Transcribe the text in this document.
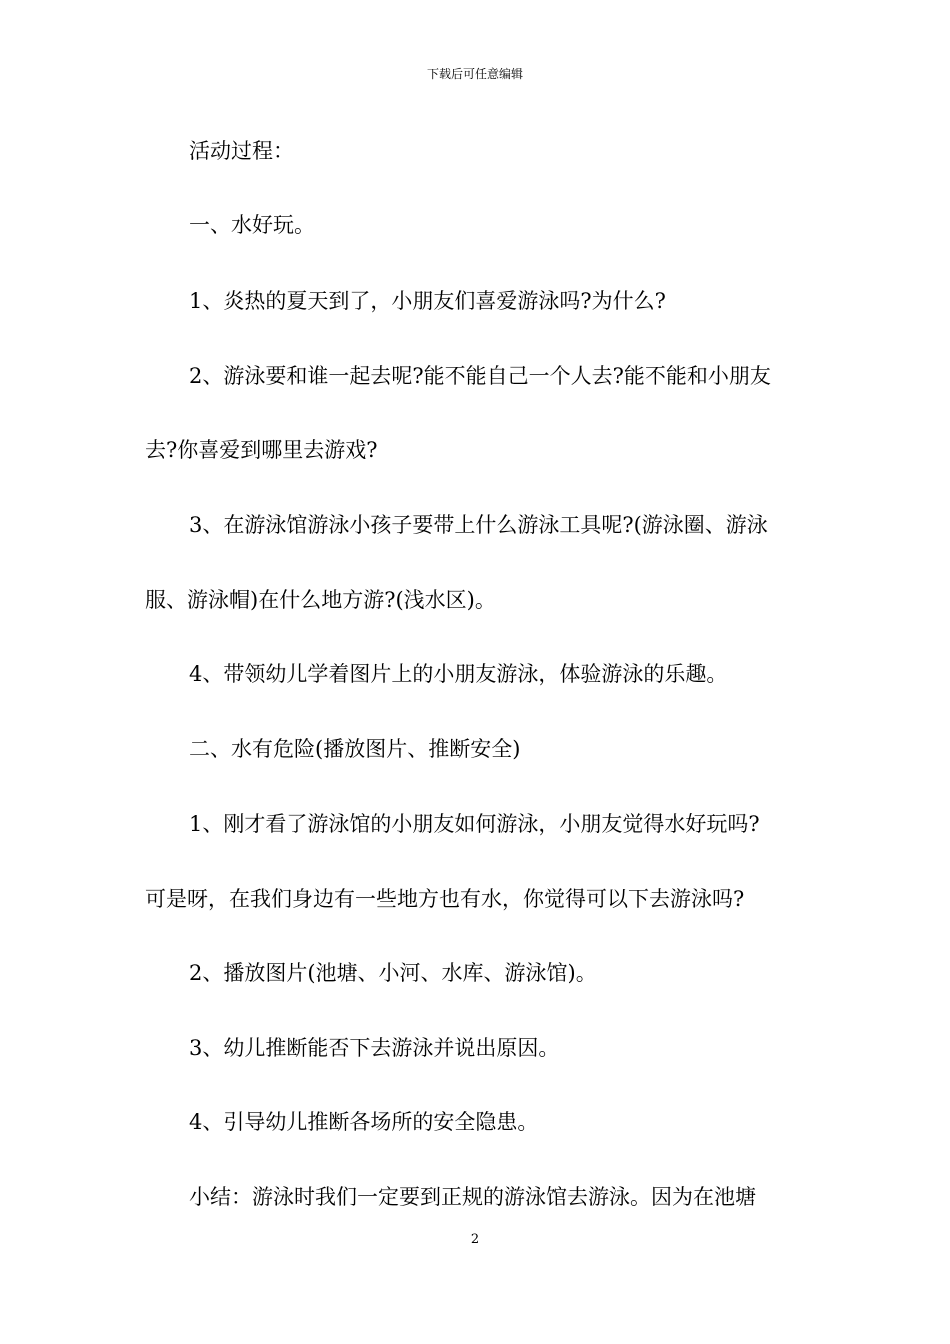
下载后可任意编辑
活动过程：
一、水好玩。
1、炎热的夏天到了，小朋友们喜爱游泳吗?为什么?
2、游泳要和谁一起去呢?能不能自己一个人去?能不能和小朋友
去?你喜爱到哪里去游戏?
3、在游泳馆游泳小孩子要带上什么游泳工具呢?(游泳圈、游泳
服、游泳帽)在什么地方游?(浅水区)。
4、带领幼儿学着图片上的小朋友游泳，体验游泳的乐趣。
二、水有危险(播放图片、推断安全)
1、刚才看了游泳馆的小朋友如何游泳，小朋友觉得水好玩吗?
可是呀，在我们身边有一些地方也有水，你觉得可以下去游泳吗?
2、播放图片(池塘、小河、水库、游泳馆)。
3、幼儿推断能否下去游泳并说出原因。
4、引导幼儿推断各场所的安全隐患。
小结：游泳时我们一定要到正规的游泳馆去游泳。因为在池塘
2
